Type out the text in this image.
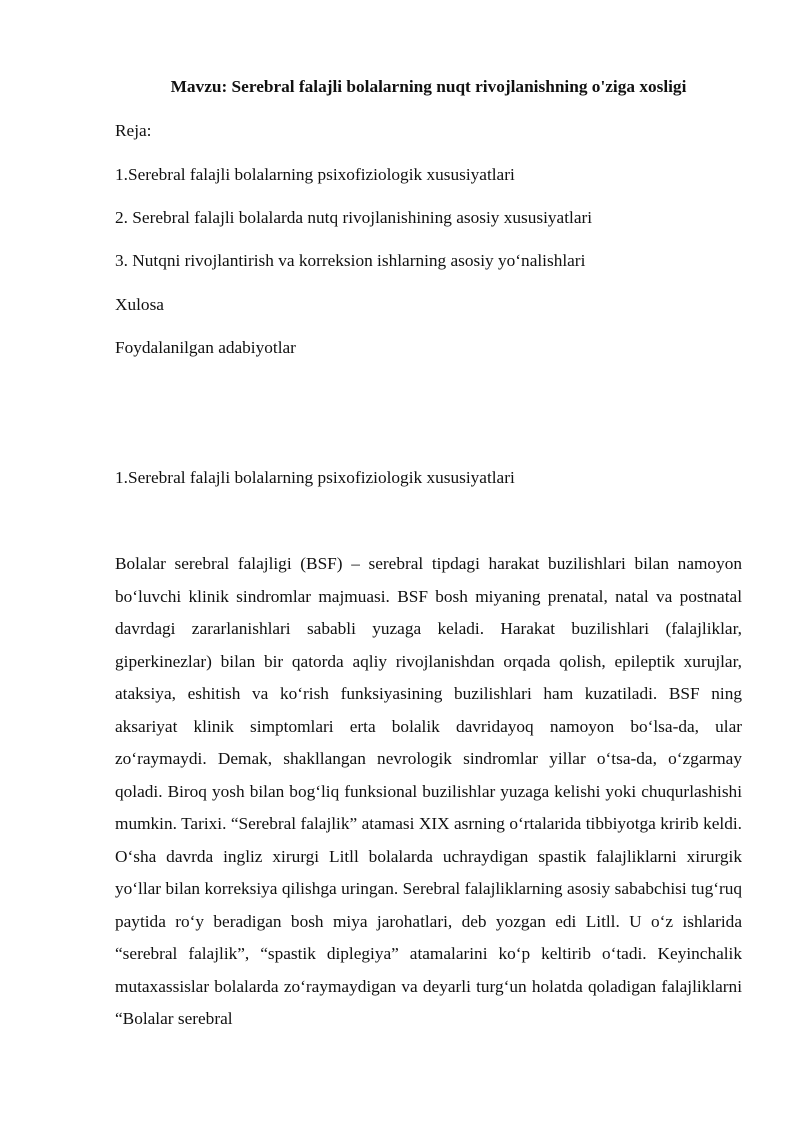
Mavzu: Serebral falajli bolalarning nuqt rivojlanishning o'ziga xosligi

Reja:

1.Serebral falajli bolalarning psixofiziologik xususiyatlari

2. Serebral falajli bolalarda nutq rivojlanishining asosiy xususiyatlari

3. Nutqni rivojlantirish va korreksion ishlarning asosiy yo‘nalishlari

Xulosa

Foydalanilgan adabiyotlar

1.Serebral falajli bolalarning psixofiziologik xususiyatlari

Bolalar serebral falajligi (BSF) – serebral tipdagi harakat buzilishlari bilan namoyon bo‘luvchi klinik sindromlar majmuasi. BSF bosh miyaning prenatal, natal va postnatal davrdagi zararlanishlari sababli yuzaga keladi. Harakat buzilishlari (falajliklar, giperkinezlar) bilan bir qatorda aqliy rivojlanishdan orqada qolish, epileptik xurujlar, ataksiya, eshitish va ko‘rish funksiyasining buzilishlari ham kuzatiladi. BSF ning aksariyat klinik simptomlari erta bolalik davridayoq namoyon bo‘lsa-da, ular zo‘raymaydi. Demak, shakllangan nevrologik sindromlar yillar o‘tsa-da, o‘zgarmay qoladi. Biroq yosh bilan bog‘liq funksional buzilishlar yuzaga kelishi yoki chuqurlashishi mumkin. Tarixi. “Serebral falajlik” atamasi XIX asrning o‘rtalarida tibbiyotga kririb keldi. O‘sha davrda ingliz xirurgi Litll bolalarda uchraydigan spastik falajliklarni xirurgik yo‘llar bilan korreksiya qilishga uringan. Serebral falajliklarning asosiy sababchisi tug‘ruq paytida ro‘y beradigan bosh miya jarohatlari, deb yozgan edi Litll. U o‘z ishlarida “serebral falajlik”, “spastik diplegiya” atamalarini ko‘p keltirib o‘tadi. Keyinchalik mutaxassislar bolalarda zo‘raymaydigan va deyarli turg‘un holatda qoladigan falajliklarni “Bolalar serebral
